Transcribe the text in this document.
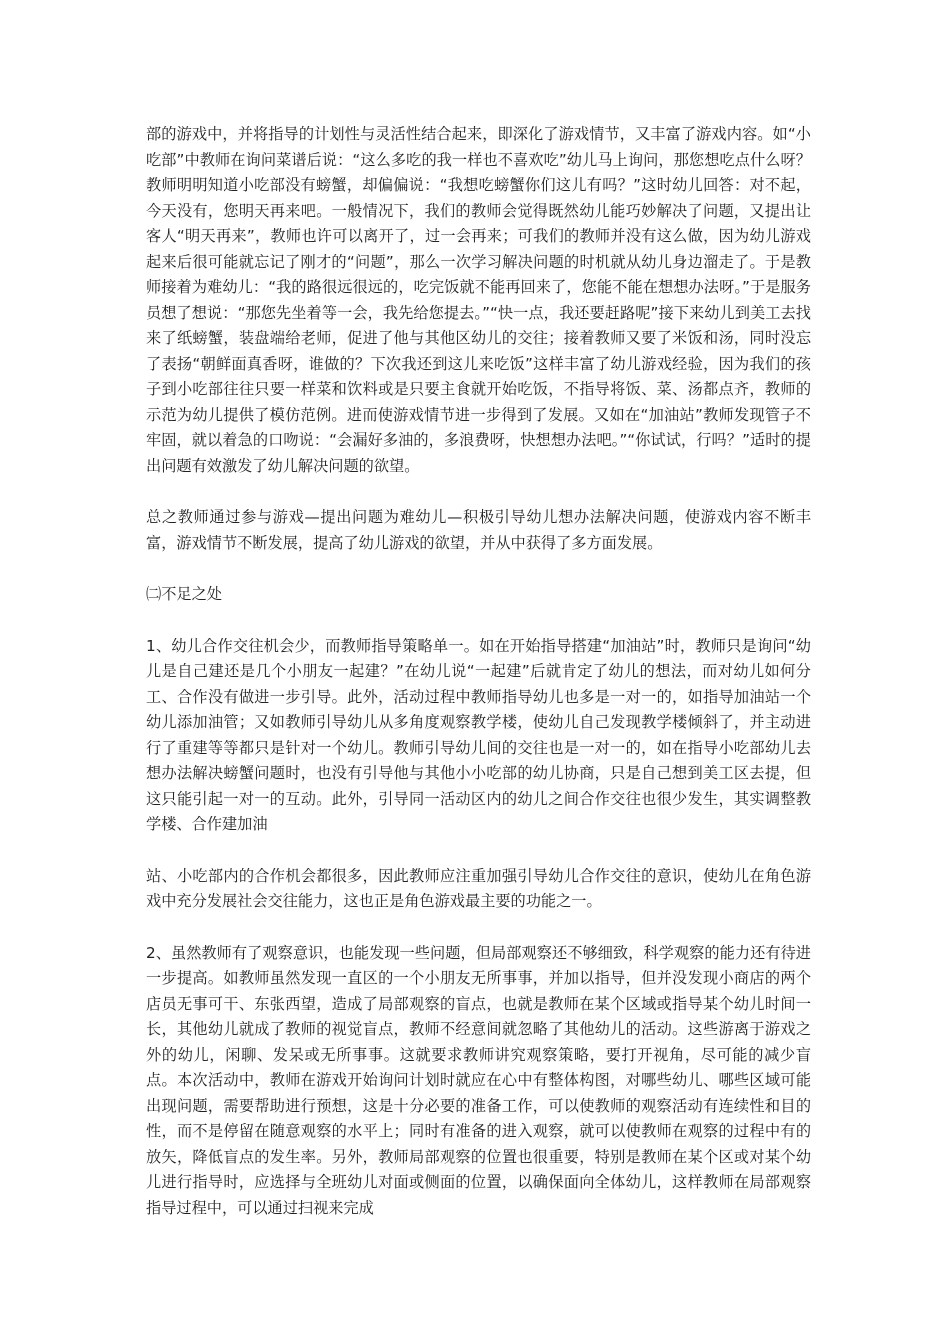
部的游戏中，并将指导的计划性与灵活性结合起来，即深化了游戏情节，又丰富了游戏内容。如“小吃部”中教师在询问菜谱后说：“这么多吃的我一样也不喜欢吃”幼儿马上询问，那您想吃点什么呀？教师明明知道小吃部没有螃蟹，却偏偏说：“我想吃螃蟹你们这儿有吗？”这时幼儿回答：对不起，今天没有，您明天再来吧。一般情况下，我们的教师会觉得既然幼儿能巧妙解决了问题，又提出让客人“明天再来”，教师也许可以离开了，过一会再来；可我们的教师并没有这么做，因为幼儿游戏起来后很可能就忘记了刚才的“问题”，那么一次学习解决问题的时机就从幼儿身边溜走了。于是教师接着为难幼儿：“我的路很远很远的，吃完饭就不能再回来了，您能不能在想想办法呀。”于是服务员想了想说：“那您先坐着等一会，我先给您提去。”“快一点，我还要赶路呢”接下来幼儿到美工去找来了纸螃蟹，装盘端给老师，促进了他与其他区幼儿的交往；接着教师又要了米饭和汤，同时没忘了表扬“朝鲜面真香呀，谁做的？下次我还到这儿来吃饭”这样丰富了幼儿游戏经验，因为我们的孩子到小吃部往往只要一样菜和饮料或是只要主食就开始吃饭，不指导将饭、菜、汤都点齐，教师的示范为幼儿提供了模仿范例。进而使游戏情节进一步得到了发展。又如在“加油站”教师发现管子不牢固，就以着急的口吻说：“会漏好多油的，多浪费呀，快想想办法吧。”“你试试，行吗？”适时的提出问题有效激发了幼儿解决问题的欲望。

总之教师通过参与游戏—提出问题为难幼儿—积极引导幼儿想办法解决问题，使游戏内容不断丰富，游戏情节不断发展，提高了幼儿游戏的欲望，并从中获得了多方面发展。

㈡不足之处

1、幼儿合作交往机会少，而教师指导策略单一。如在开始指导搭建“加油站”时，教师只是询问“幼儿是自己建还是几个小朋友一起建？”在幼儿说“一起建”后就肯定了幼儿的想法，而对幼儿如何分工、合作没有做进一步引导。此外，活动过程中教师指导幼儿也多是一对一的，如指导加油站一个幼儿添加油管；又如教师引导幼儿从多角度观察教学楼，使幼儿自己发现教学楼倾斜了，并主动进行了重建等等都只是针对一个幼儿。教师引导幼儿间的交往也是一对一的，如在指导小吃部幼儿去想办法解决螃蟹问题时，也没有引导他与其他小小吃部的幼儿协商，只是自己想到美工区去提，但这只能引起一对一的互动。此外，引导同一活动区内的幼儿之间合作交往也很少发生，其实调整教学楼、合作建加油

站、小吃部内的合作机会都很多，因此教师应注重加强引导幼儿合作交往的意识，使幼儿在角色游戏中充分发展社会交往能力，这也正是角色游戏最主要的功能之一。

2、虽然教师有了观察意识，也能发现一些问题，但局部观察还不够细致，科学观察的能力还有待进一步提高。如教师虽然发现一直区的一个小朋友无所事事，并加以指导，但并没发现小商店的两个店员无事可干、东张西望，造成了局部观察的盲点，也就是教师在某个区域或指导某个幼儿时间一长，其他幼儿就成了教师的视觉盲点，教师不经意间就忽略了其他幼儿的活动。这些游离于游戏之外的幼儿，闲聊、发呆或无所事事。这就要求教师讲究观察策略，要打开视角，尽可能的减少盲点。本次活动中，教师在游戏开始询问计划时就应在心中有整体构图，对哪些幼儿、哪些区域可能出现问题，需要帮助进行预想，这是十分必要的准备工作，可以使教师的观察活动有连续性和目的性，而不是停留在随意观察的水平上；同时有准备的进入观察，就可以使教师在观察的过程中有的放矢，降低盲点的发生率。另外，教师局部观察的位置也很重要，特别是教师在某个区或对某个幼儿进行指导时，应选择与全班幼儿对面或侧面的位置，以确保面向全体幼儿，这样教师在局部观察指导过程中，可以通过扫视来完成
